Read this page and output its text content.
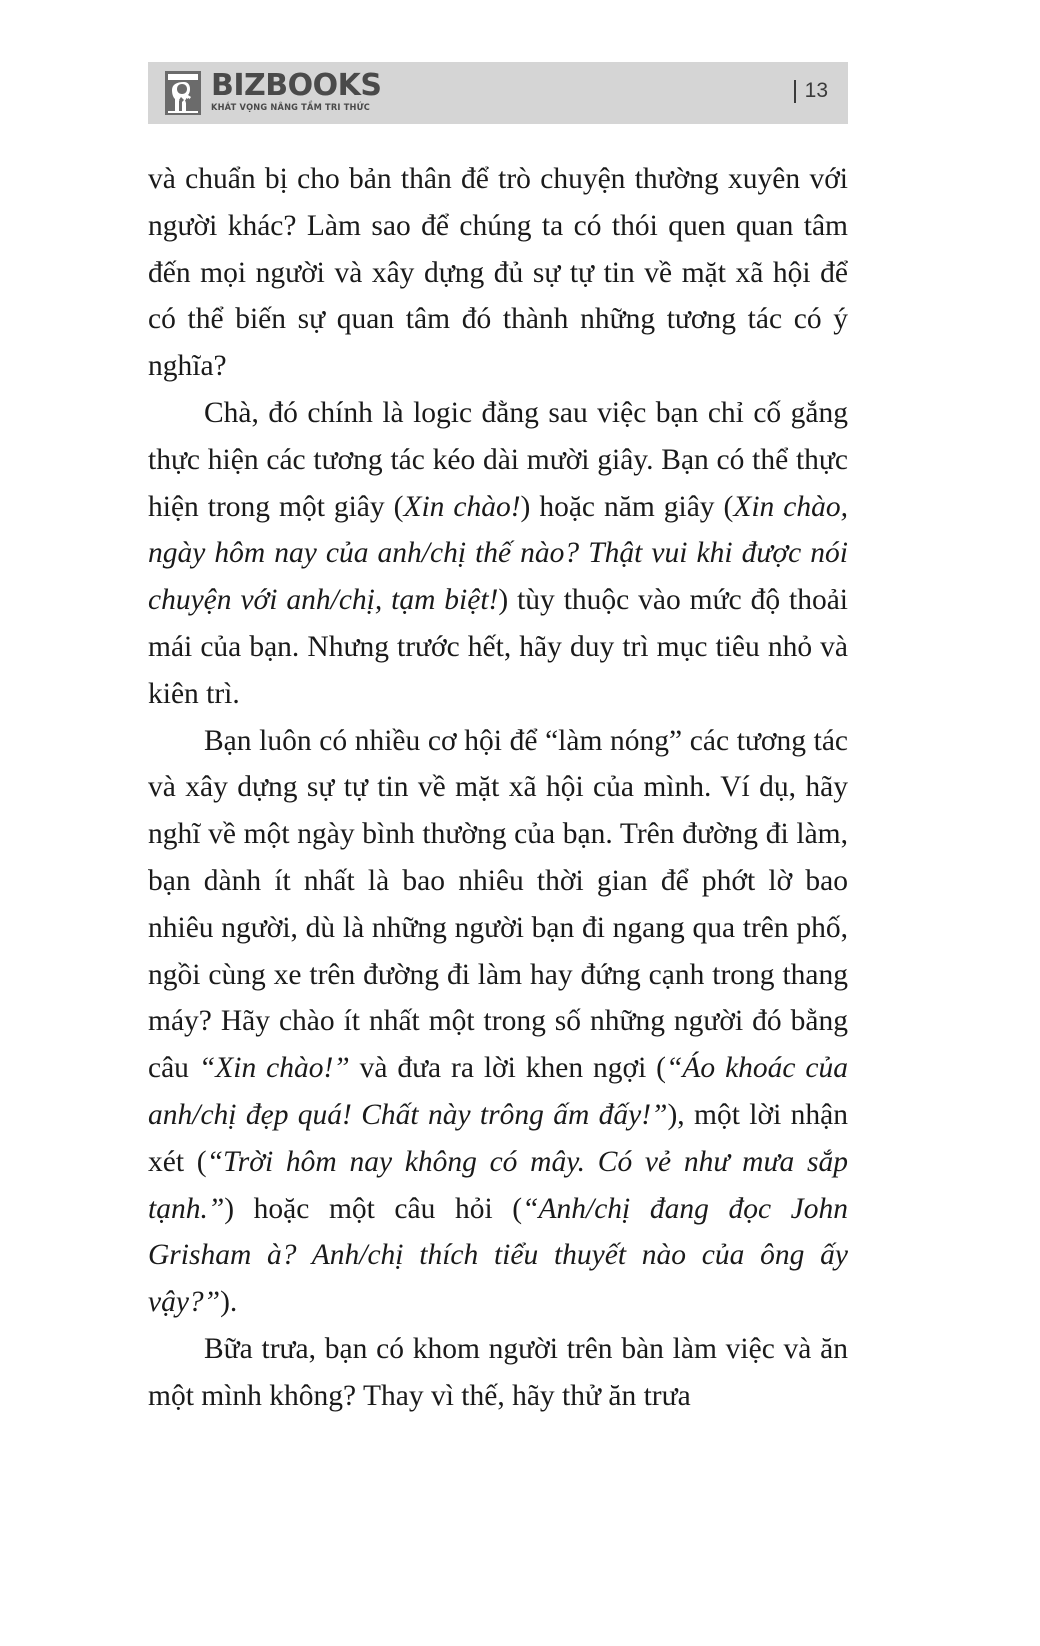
BIZBOOKS
KHÁT VỌNG NÂNG TẦM TRI THỨC
13

và chuẩn bị cho bản thân để trò chuyện thường xuyên với người khác? Làm sao để chúng ta có thói quen quan tâm đến mọi người và xây dựng đủ sự tự tin về mặt xã hội để có thể biến sự quan tâm đó thành những tương tác có ý nghĩa?

Chà, đó chính là logic đằng sau việc bạn chỉ cố gắng thực hiện các tương tác kéo dài mười giây. Bạn có thể thực hiện trong một giây (Xin chào!) hoặc năm giây (Xin chào, ngày hôm nay của anh/chị thế nào? Thật vui khi được nói chuyện với anh/chị, tạm biệt!) tùy thuộc vào mức độ thoải mái của bạn. Nhưng trước hết, hãy duy trì mục tiêu nhỏ và kiên trì.

Bạn luôn có nhiều cơ hội để “làm nóng” các tương tác và xây dựng sự tự tin về mặt xã hội của mình. Ví dụ, hãy nghĩ về một ngày bình thường của bạn. Trên đường đi làm, bạn dành ít nhất là bao nhiêu thời gian để phớt lờ bao nhiêu người, dù là những người bạn đi ngang qua trên phố, ngồi cùng xe trên đường đi làm hay đứng cạnh trong thang máy? Hãy chào ít nhất một trong số những người đó bằng câu “Xin chào!” và đưa ra lời khen ngợi (“Áo khoác của anh/chị đẹp quá! Chất này trông ấm đấy!”), một lời nhận xét (“Trời hôm nay không có mây. Có vẻ như mưa sắp tạnh.”) hoặc một câu hỏi (“Anh/chị đang đọc John Grisham à? Anh/chị thích tiểu thuyết nào của ông ấy vậy?”).

Bữa trưa, bạn có khom người trên bàn làm việc và ăn một mình không? Thay vì thế, hãy thử ăn trưa
